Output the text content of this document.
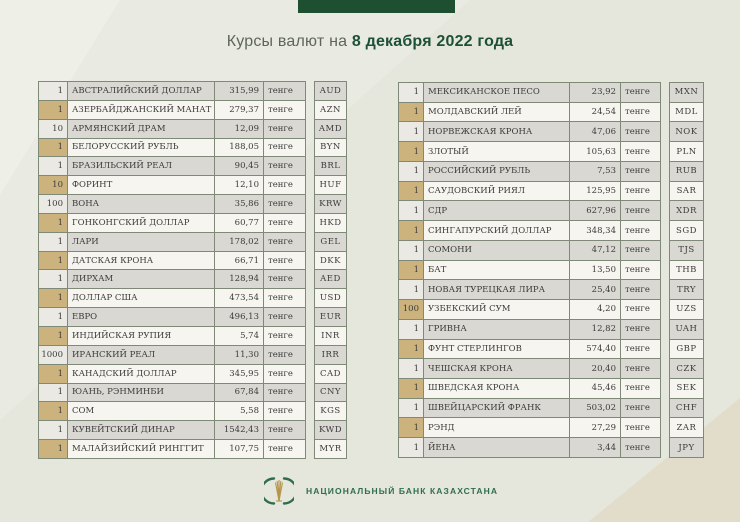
Курсы валют на 8 декабря 2022 года
1	АВСТРАЛИЙСКИЙ ДОЛЛАР	315,99	тенге	AUD
1	АЗЕРБАЙДЖАНСКИЙ МАНАТ	279,37	тенге	AZN
10	АРМЯНСКИЙ ДРАМ	12,09	тенге	AMD
1	БЕЛОРУССКИЙ РУБЛЬ	188,05	тенге	BYN
1	БРАЗИЛЬСКИЙ РЕАЛ	90,45	тенге	BRL
10	ФОРИНТ	12,10	тенге	HUF
100	ВОНА	35,86	тенге	KRW
1	ГОНКОНГСКИЙ ДОЛЛАР	60,77	тенге	HKD
1	ЛАРИ	178,02	тенге	GEL
1	ДАТСКАЯ КРОНА	66,71	тенге	DKK
1	ДИРХАМ	128,94	тенге	AED
1	ДОЛЛАР США	473,54	тенге	USD
1	ЕВРО	496,13	тенге	EUR
1	ИНДИЙСКАЯ РУПИЯ	5,74	тенге	INR
1000	ИРАНСКИЙ РЕАЛ	11,30	тенге	IRR
1	КАНАДСКИЙ ДОЛЛАР	345,95	тенге	CAD
1	ЮАНЬ, РЭНМИНБИ	67,84	тенге	CNY
1	СОМ	5,58	тенге	KGS
1	КУВЕЙТСКИЙ ДИНАР	1542,43	тенге	KWD
1	МАЛАЙЗИЙСКИЙ РИНГГИТ	107,75	тенге	MYR
1	МЕКСИКАНСКОЕ ПЕСО	23,92	тенге	MXN
1	МОЛДАВСКИЙ ЛЕЙ	24,54	тенге	MDL
1	НОРВЕЖСКАЯ КРОНА	47,06	тенге	NOK
1	ЗЛОТЫЙ	105,63	тенге	PLN
1	РОССИЙСКИЙ РУБЛЬ	7,53	тенге	RUB
1	САУДОВСКИЙ РИЯЛ	125,95	тенге	SAR
1	СДР	627,96	тенге	XDR
1	СИНГАПУРСКИЙ ДОЛЛАР	348,34	тенге	SGD
1	СОМОНИ	47,12	тенге	TJS
1	БАТ	13,50	тенге	THB
1	НОВАЯ ТУРЕЦКАЯ ЛИРА	25,40	тенге	TRY
100	УЗБЕКСКИЙ СУМ	4,20	тенге	UZS
1	ГРИВНА	12,82	тенге	UAH
1	ФУНТ СТЕРЛИНГОВ	574,40	тенге	GBP
1	ЧЕШСКАЯ КРОНА	20,40	тенге	CZK
1	ШВЕДСКАЯ КРОНА	45,46	тенге	SEK
1	ШВЕЙЦАРСКИЙ ФРАНК	503,02	тенге	CHF
1	РЭНД	27,29	тенге	ZAR
1	ЙЕНА	3,44	тенге	JPY
НАЦИОНАЛЬНЫЙ БАНК КАЗАХСТАНА
